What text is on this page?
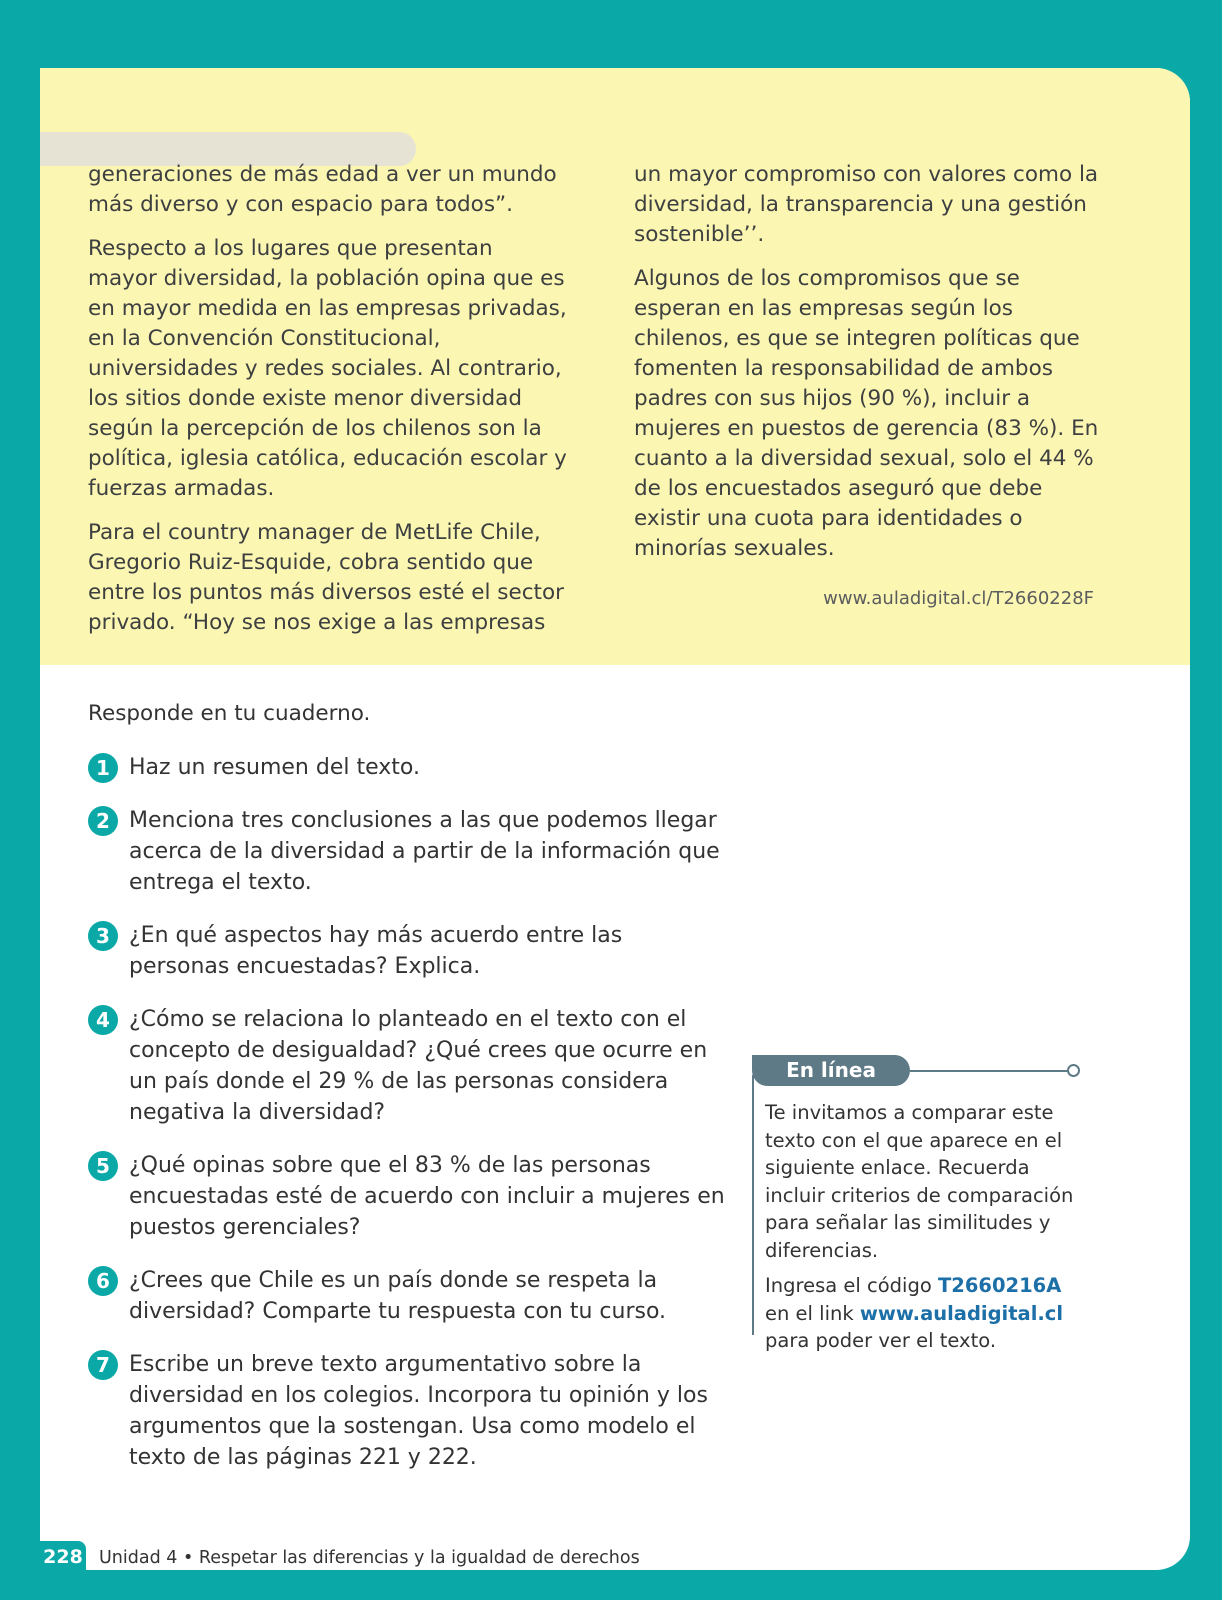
generaciones de más edad a ver un mundo más diverso y con espacio para todos”.

Respecto a los lugares que presentan mayor diversidad, la población opina que es en mayor medida en las empresas privadas, en la Convención Constitucional, universidades y redes sociales. Al contrario, los sitios donde existe menor diversidad según la percepción de los chilenos son la política, iglesia católica, educación escolar y fuerzas armadas.

Para el country manager de MetLife Chile, Gregorio Ruiz-Esquide, cobra sentido que entre los puntos más diversos esté el sector privado. “Hoy se nos exige a las empresas

un mayor compromiso con valores como la diversidad, la transparencia y una gestión sostenible’’.

Algunos de los compromisos que se esperan en las empresas según los chilenos, es que se integren políticas que fomenten la responsabilidad de ambos padres con sus hijos (90 %), incluir a mujeres en puestos de gerencia (83 %). En cuanto a la diversidad sexual, solo el 44 % de los encuestados aseguró que debe existir una cuota para identidades o minorías sexuales.

www.auladigital.cl/T2660228F
Responde en tu cuaderno.
1 Haz un resumen del texto.
2 Menciona tres conclusiones a las que podemos llegar acerca de la diversidad a partir de la información que entrega el texto.
3 ¿En qué aspectos hay más acuerdo entre las personas encuestadas? Explica.
4 ¿Cómo se relaciona lo planteado en el texto con el concepto de desigualdad? ¿Qué crees que ocurre en un país donde el 29 % de las personas considera negativa la diversidad?
5 ¿Qué opinas sobre que el 83 % de las personas encuestadas esté de acuerdo con incluir a mujeres en puestos gerenciales?
6 ¿Crees que Chile es un país donde se respeta la diversidad? Comparte tu respuesta con tu curso.
7 Escribe un breve texto argumentativo sobre la diversidad en los colegios. Incorpora tu opinión y los argumentos que la sostengan. Usa como modelo el texto de las páginas 221 y 222.
En línea

Te invitamos a comparar este texto con el que aparece en el siguiente enlace. Recuerda incluir criterios de comparación para señalar las similitudes y diferencias.

Ingresa el código T2660216A
en el link www.auladigital.cl
para poder ver el texto.

228 Unidad 4 • Respetar las diferencias y la igualdad de derechos
